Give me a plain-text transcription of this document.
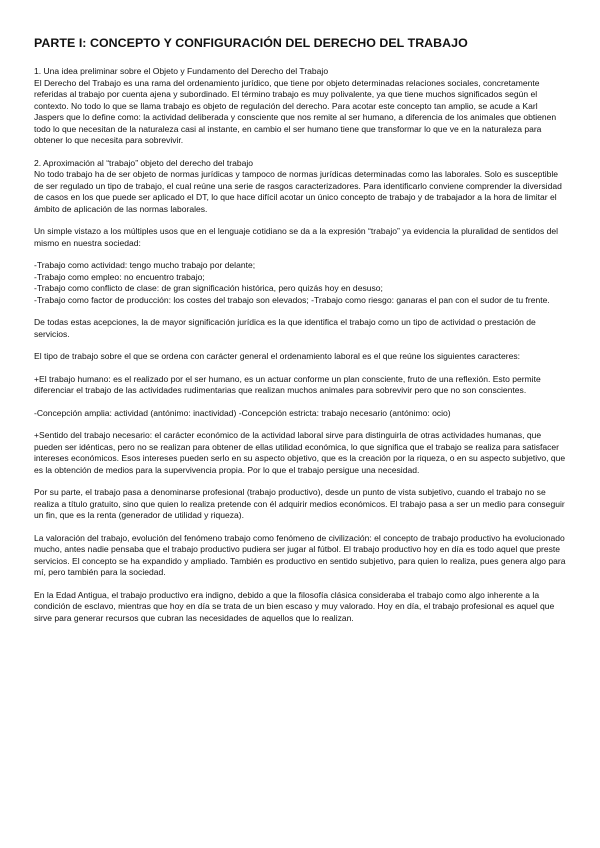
PARTE I: CONCEPTO Y CONFIGURACIÓN DEL DERECHO DEL TRABAJO

1. Una idea preliminar sobre el Objeto y Fundamento del Derecho del Trabajo

El Derecho del Trabajo es una rama del ordenamiento jurídico, que tiene por objeto determinadas relaciones sociales, concretamente referidas al trabajo por cuenta ajena y subordinado. El término trabajo es muy polivalente, ya que tiene muchos significados según el contexto. No todo lo que se llama trabajo es objeto de regulación del derecho. Para acotar este concepto tan amplio, se acude a Karl Jaspers que lo define como: la actividad deliberada y consciente que nos remite al ser humano, a diferencia de los animales que obtienen todo lo que necesitan de la naturaleza casi al instante, en cambio el ser humano tiene que transformar lo que ve en la naturaleza para obtener lo que necesita para sobrevivir.

2. Aproximación al “trabajo” objeto del derecho del trabajo

No todo trabajo ha de ser objeto de normas jurídicas y tampoco de normas jurídicas determinadas como las laborales. Solo es susceptible de ser regulado un tipo de trabajo, el cual reúne una serie de rasgos caracterizadores. Para identificarlo conviene comprender la diversidad de casos en los que puede ser aplicado el DT, lo que hace difícil acotar un único concepto de trabajo y de trabajador a la hora de limitar el ámbito de aplicación de las normas laborales.

Un simple vistazo a los múltiples usos que en el lenguaje cotidiano se da a la expresión “trabajo” ya evidencia la pluralidad de sentidos del mismo en nuestra sociedad:

-Trabajo como actividad: tengo mucho trabajo por delante;

-Trabajo como empleo: no encuentro trabajo;

-Trabajo como conflicto de clase: de gran significación histórica, pero quizás hoy en desuso;

-Trabajo como factor de producción: los costes del trabajo son elevados; -Trabajo como riesgo: ganaras el pan con el sudor de tu frente.

De todas estas acepciones, la de mayor significación jurídica es la que identifica el trabajo como un tipo de actividad o prestación de servicios.

El tipo de trabajo sobre el que se ordena con carácter general el ordenamiento laboral es el que reúne los siguientes caracteres:

+El trabajo humano: es el realizado por el ser humano, es un actuar conforme un plan consciente, fruto de una reflexión. Esto permite diferenciar el trabajo de las actividades rudimentarias que realizan muchos animales para sobrevivir pero que no son conscientes.

-Concepción amplia: actividad (antónimo: inactividad) -Concepción estricta: trabajo necesario (antónimo: ocio)

+Sentido del trabajo necesario: el carácter económico de la actividad laboral sirve para distinguirla de otras actividades humanas, que pueden ser idénticas, pero no se realizan para obtener de ellas utilidad económica, lo que significa que el trabajo se realiza para satisfacer intereses económicos. Esos intereses pueden serlo en su aspecto objetivo, que es la creación por la riqueza, o en su aspecto subjetivo, que es la obtención de medios para la supervivencia propia. Por lo que el trabajo persigue una necesidad.

Por su parte, el trabajo pasa a denominarse profesional (trabajo productivo), desde un punto de vista subjetivo, cuando el trabajo no se realiza a título gratuito, sino que quien lo realiza pretende con él adquirir medios económicos. El trabajo pasa a ser un medio para conseguir un fin, que es la renta (generador de utilidad y riqueza).

La valoración del trabajo, evolución del fenómeno trabajo como fenómeno de civilización: el concepto de trabajo productivo ha evolucionado mucho, antes nadie pensaba que el trabajo productivo pudiera ser jugar al fútbol. El trabajo productivo hoy en día es todo aquel que preste servicios. El concepto se ha expandido y ampliado. También es productivo en sentido subjetivo, para quien lo realiza, pues genera algo para mí, pero también para la sociedad.

En la Edad Antigua, el trabajo productivo era indigno, debido a que la filosofía clásica consideraba el trabajo como algo inherente a la condición de esclavo, mientras que hoy en día se trata de un bien escaso y muy valorado. Hoy en día, el trabajo profesional es aquel que sirve para generar recursos que cubran las necesidades de aquellos que lo realizan.
